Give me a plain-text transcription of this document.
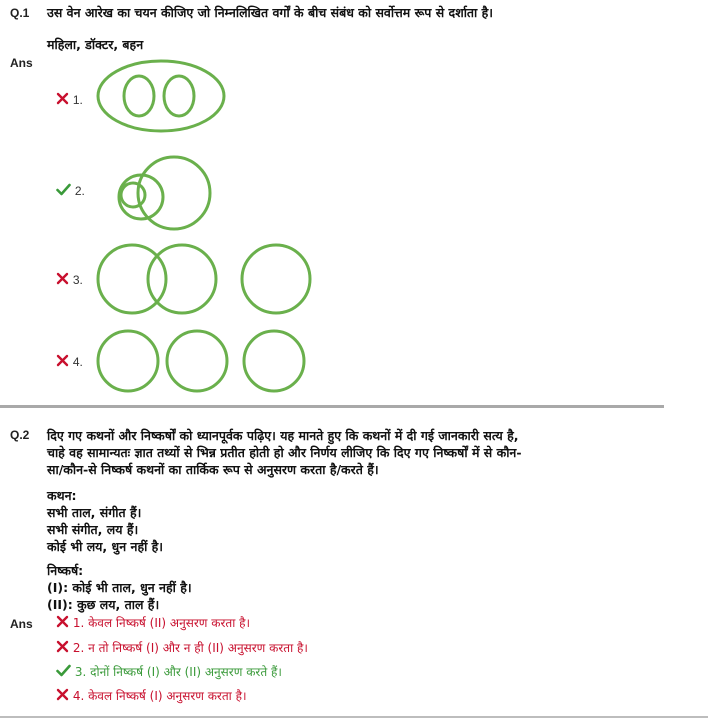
Q.1 उस वेन आरेख का चयन कीजिए जो निम्नलिखित वर्गों के बीच संबंध को सर्वोत्तम रूप से दर्शाता है।
महिला, डॉक्टर, बहन
Ans
1.
2.
3.
4.
Q.2 दिए गए कथनों और निष्कर्षों को ध्यानपूर्वक पढ़िए। यह मानते हुए कि कथनों में दी गई जानकारी सत्य है,
चाहे वह सामान्यतः ज्ञात तथ्यों से भिन्न प्रतीत होती हो और निर्णय लीजिए कि दिए गए निष्कर्षों में से कौन-
सा/कौन-से निष्कर्ष कथनों का तार्किक रूप से अनुसरण करता है/करते हैं।
कथन:
सभी ताल, संगीत हैं।
सभी संगीत, लय हैं।
कोई भी लय, धुन नहीं है।
निष्कर्ष:
(I): कोई भी ताल, धुन नहीं है।
(II): कुछ लय, ताल हैं।
Ans	1. केवल निष्कर्ष (II) अनुसरण करता है।
2. न तो निष्कर्ष (I) और न ही (II) अनुसरण करता है।
3. दोनों निष्कर्ष (I) और (II) अनुसरण करते हैं।
4. केवल निष्कर्ष (I) अनुसरण करता है।
